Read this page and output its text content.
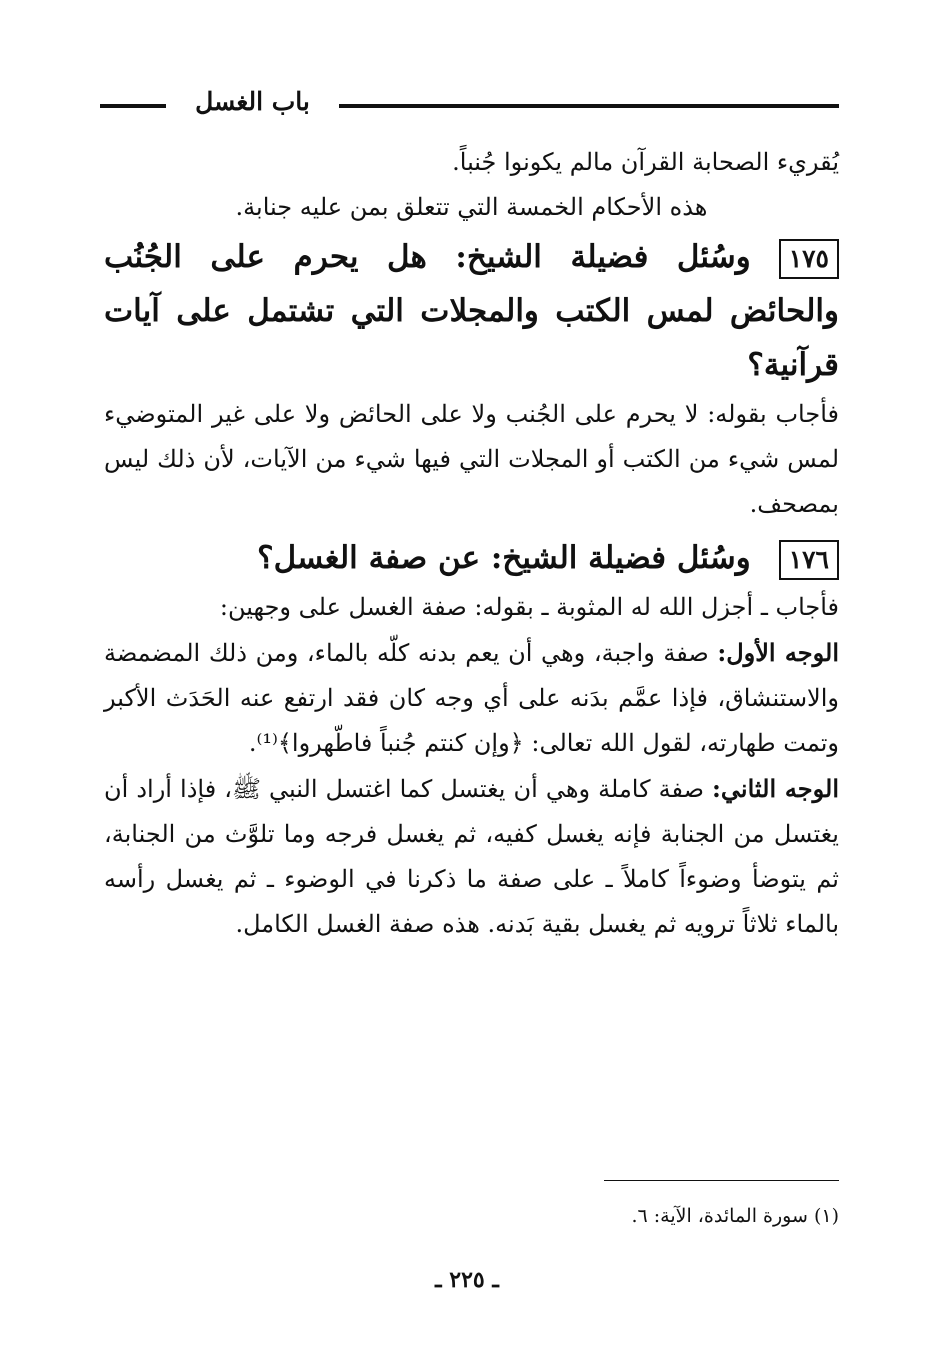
باب الغسل

يُقريء الصحابة القرآن مالم يكونوا جُنباً.

هذه الأحكام الخمسة التي تتعلق بمن عليه جنابة.

١٧٥وسُئل فضيلة الشيخ: هل يحرم على الجُنُب والحائض لمس الكتب والمجلات التي تشتمل على آيات قرآنية؟

فأجاب بقوله: لا يحرم على الجُنب ولا على الحائض ولا على غير المتوضيء لمس شيء من الكتب أو المجلات التي فيها شيء من الآيات، لأن ذلك ليس بمصحف.

١٧٦وسُئل فضيلة الشيخ: عن صفة الغسل؟

فأجاب ـ أجزل الله له المثوبة ـ بقوله: صفة الغسل على وجهين:

الوجه الأول: صفة واجبة، وهي أن يعم بدنه كلّه بالماء، ومن ذلك المضمضة والاستنشاق، فإذا عمَّم بدَنه على أي وجه كان فقد ارتفع عنه الحَدَث الأكبر وتمت طهارته، لقول الله تعالى: ﴿وإن كنتم جُنباً فاطّهروا﴾⁽¹⁾.

الوجه الثاني: صفة كاملة وهي أن يغتسل كما اغتسل النبي ﷺ، فإذا أراد أن يغتسل من الجنابة فإنه يغسل كفيه، ثم يغسل فرجه وما تلوَّث من الجنابة، ثم يتوضأ وضوءاً كاملاً ـ على صفة ما ذكرنا في الوضوء ـ ثم يغسل رأسه بالماء ثلاثاً ترويه ثم يغسل بقية بَدنه. هذه صفة الغسل الكامل.

(١) سورة المائدة، الآية: ٦.
ـ ٢٢٥ ـ
